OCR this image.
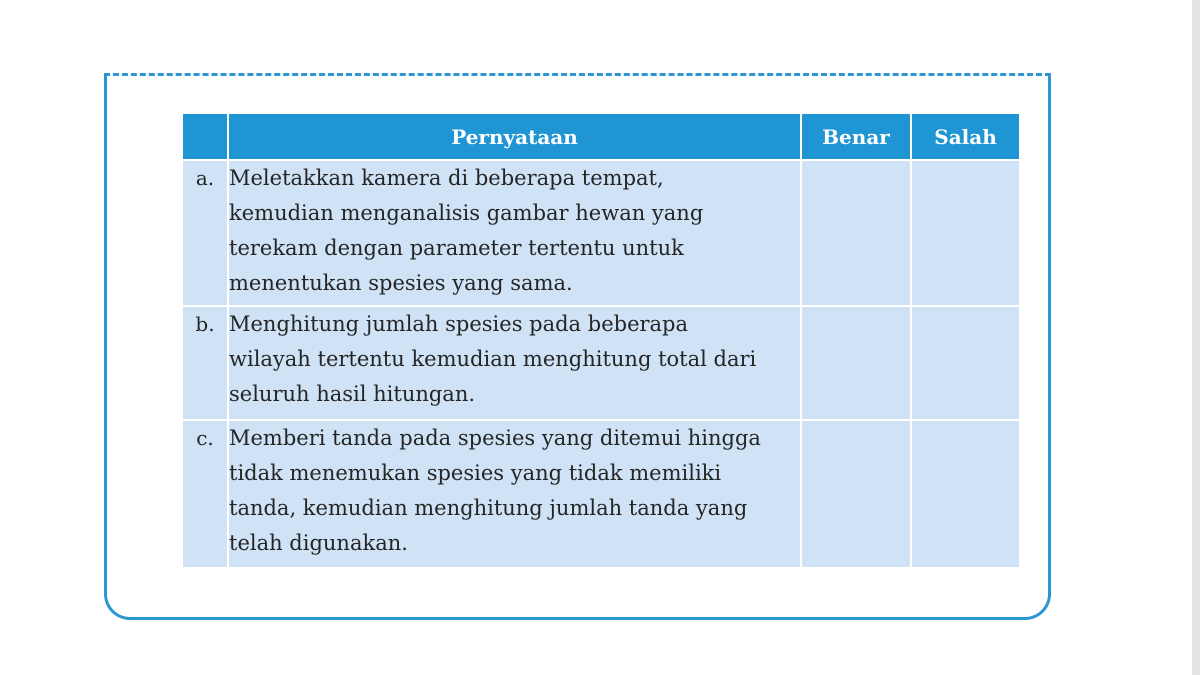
	Pernyataan	Benar	Salah
a.	Meletakkan kamera di beberapa tempat,
kemudian menganalisis gambar hewan yang
terekam dengan parameter tertentu untuk
menentukan spesies yang sama.		

b.	Menghitung jumlah spesies pada beberapa
wilayah tertentu kemudian menghitung total dari
seluruh hasil hitungan.		

c.	Memberi tanda pada spesies yang ditemui hingga
tidak menemukan spesies yang tidak memiliki
tanda, kemudian menghitung jumlah tanda yang
telah digunakan.		
